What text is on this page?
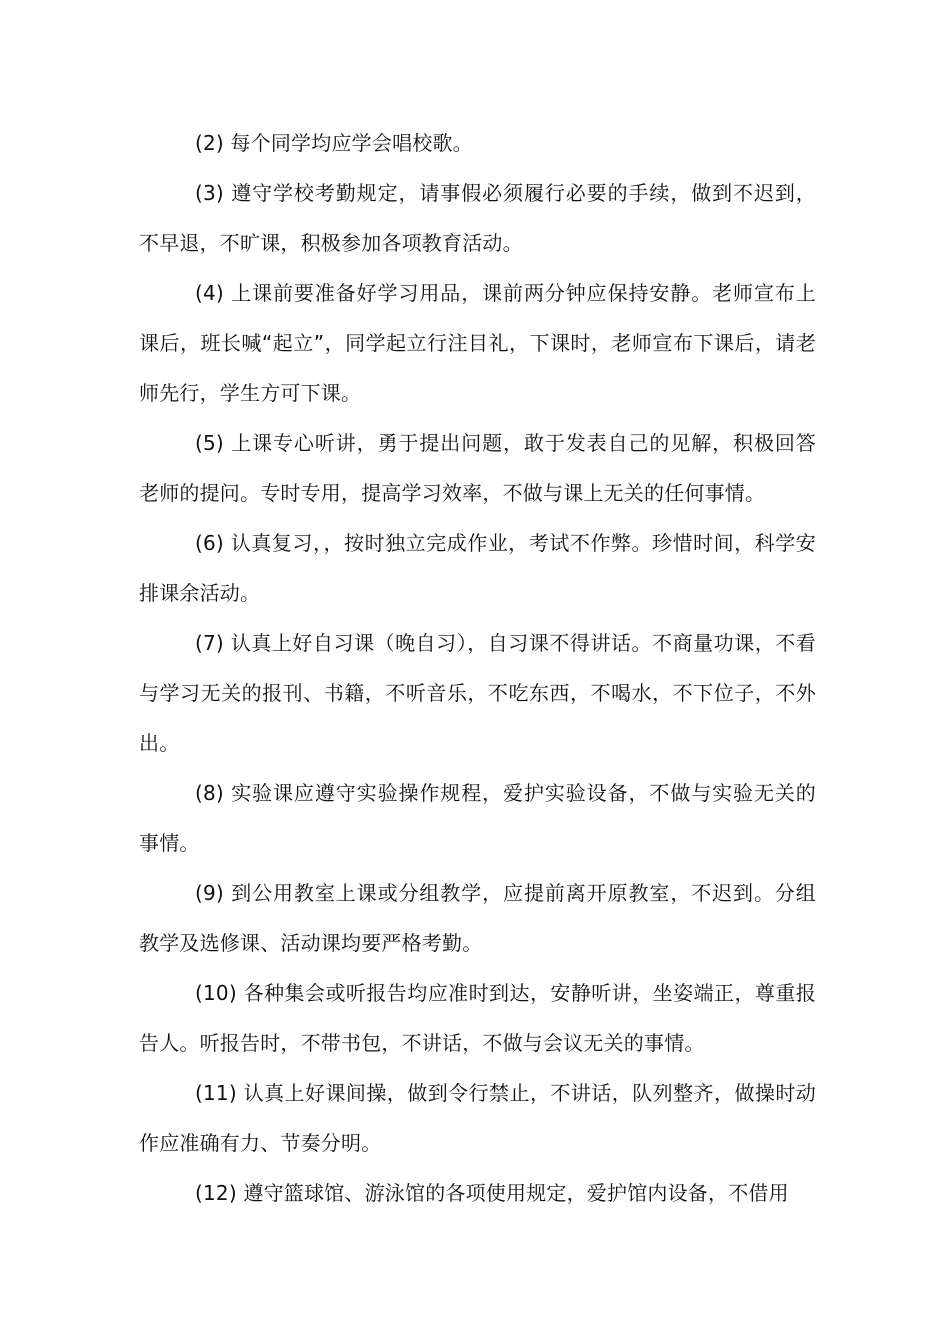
(2) 每个同学均应学会唱校歌。

(3) 遵守学校考勤规定，请事假必须履行必要的手续，做到不迟到，不早退，不旷课，积极参加各项教育活动。

(4) 上课前要准备好学习用品，课前两分钟应保持安静。老师宣布上课后，班长喊“起立”，同学起立行注目礼，下课时，老师宣布下课后，请老师先行，学生方可下课。

(5) 上课专心听讲，勇于提出问题，敢于发表自己的见解，积极回答老师的提问。专时专用，提高学习效率，不做与课上无关的任何事情。

(6) 认真复习，，按时独立完成作业，考试不作弊。珍惜时间，科学安排课余活动。

(7) 认真上好自习课（晚自习），自习课不得讲话。不商量功课，不看与学习无关的报刊、书籍，不听音乐，不吃东西，不喝水，不下位子，不外出。

(8) 实验课应遵守实验操作规程，爱护实验设备，不做与实验无关的事情。

(9) 到公用教室上课或分组教学，应提前离开原教室，不迟到。分组教学及选修课、活动课均要严格考勤。

(10) 各种集会或听报告均应准时到达，安静听讲，坐姿端正，尊重报告人。听报告时，不带书包，不讲话，不做与会议无关的事情。

(11) 认真上好课间操，做到令行禁止，不讲话，队列整齐，做操时动作应准确有力、节奏分明。

(12) 遵守篮球馆、游泳馆的各项使用规定，爱护馆内设备，不借用
